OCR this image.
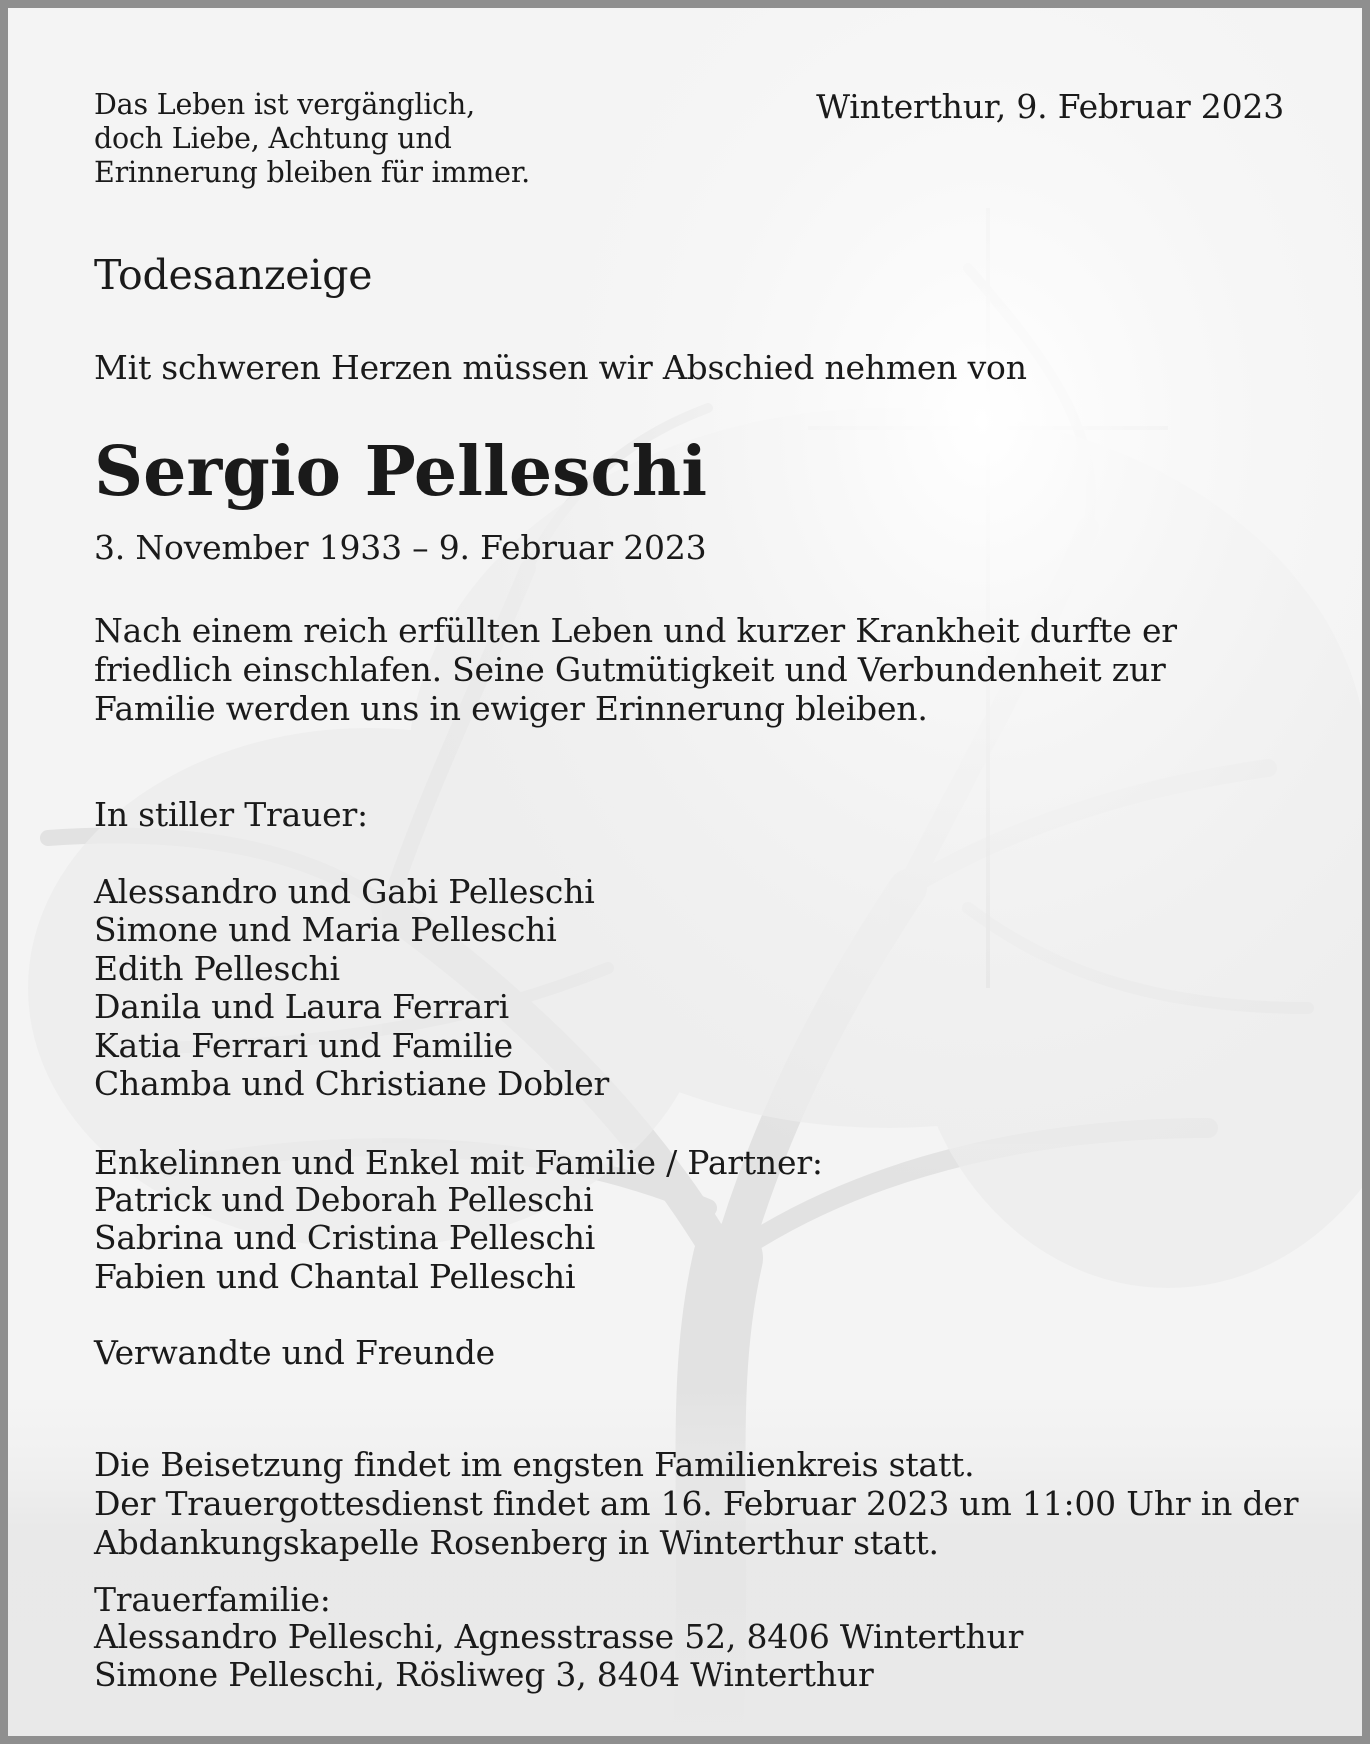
Das Leben ist vergänglich,
doch Liebe, Achtung und
Erinnerung bleiben für immer.

Winterthur, 9. Februar 2023

Todesanzeige

Mit schweren Herzen müssen wir Abschied nehmen von

Sergio Pelleschi

3. November 1933 – 9. Februar 2023

Nach einem reich erfüllten Leben und kurzer Krankheit durfte er
friedlich einschlafen. Seine Gutmütigkeit und Verbundenheit zur
Familie werden uns in ewiger Erinnerung bleiben.

In stiller Trauer:

Alessandro und Gabi Pelleschi
Simone und Maria Pelleschi
Edith Pelleschi
Danila und Laura Ferrari
Katia Ferrari und Familie
Chamba und Christiane Dobler

Enkelinnen und Enkel mit Familie / Partner:

Patrick und Deborah Pelleschi
Sabrina und Cristina Pelleschi
Fabien und Chantal Pelleschi

Verwandte und Freunde

Die Beisetzung findet im engsten Familienkreis statt.
Der Trauergottesdienst findet am 16. Februar 2023 um 11:00 Uhr in der
Abdankungskapelle Rosenberg in Winterthur statt.

Trauerfamilie:

Alessandro Pelleschi, Agnesstrasse 52, 8406 Winterthur
Simone Pelleschi, Rösliweg 3, 8404 Winterthur
